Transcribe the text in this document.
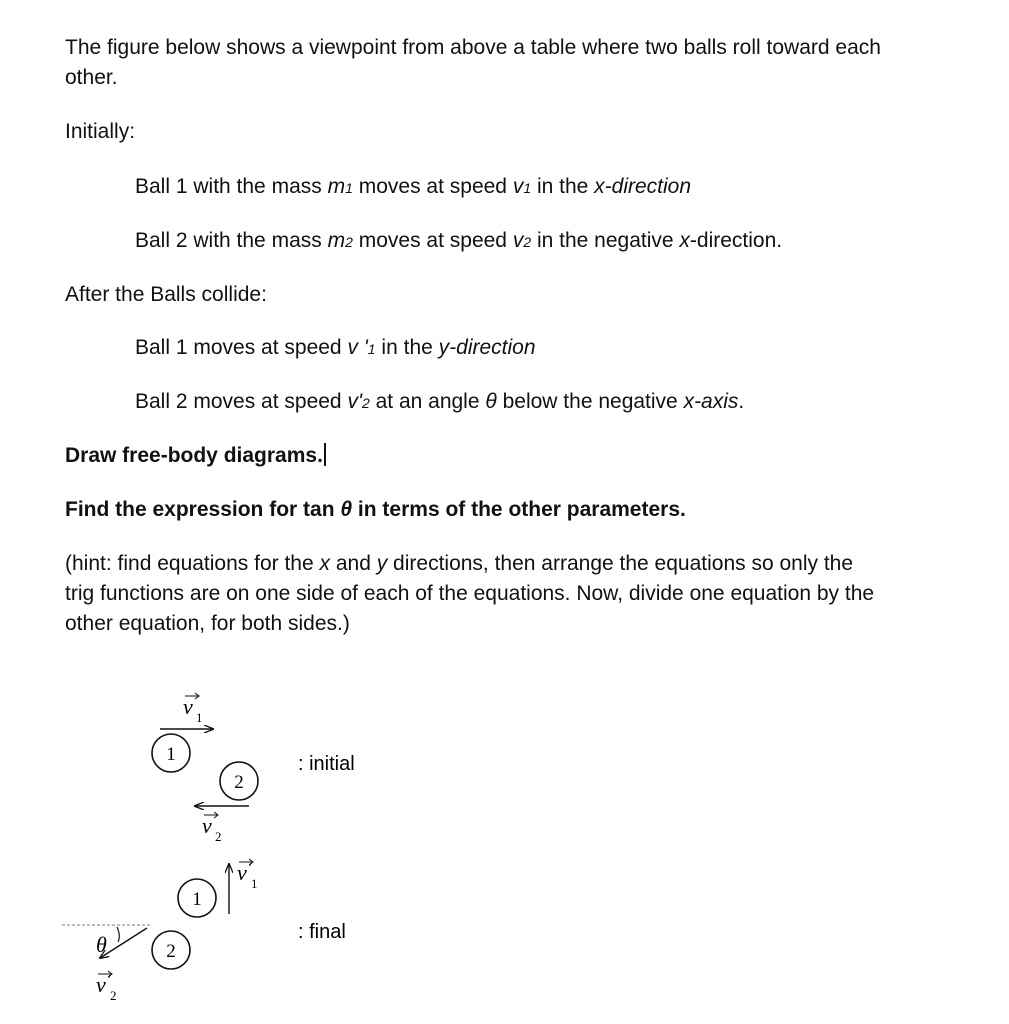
The figure below shows a viewpoint from above a table where two balls roll toward each
other.
Initially:
Ball 1 with the mass m1 moves at speed v1 in the x-direction
Ball 2 with the mass m2 moves at speed v2 in the negative x-direction.
After the Balls collide:
Ball 1 moves at speed v '1 in the y-direction
Ball 2 moves at speed v'2 at an angle θ below the negative x-axis.
Draw free-body diagrams.
Find the expression for tan θ in terms of the other parameters.
(hint: find equations for the x and y directions, then arrange the equations so only the
trig functions are on one side of each of the equations. Now, divide one equation by the
other equation, for both sides.)
v 1
1
2
v 2
: initial
1
v ′
1
2
θ
v ′
2
: final
